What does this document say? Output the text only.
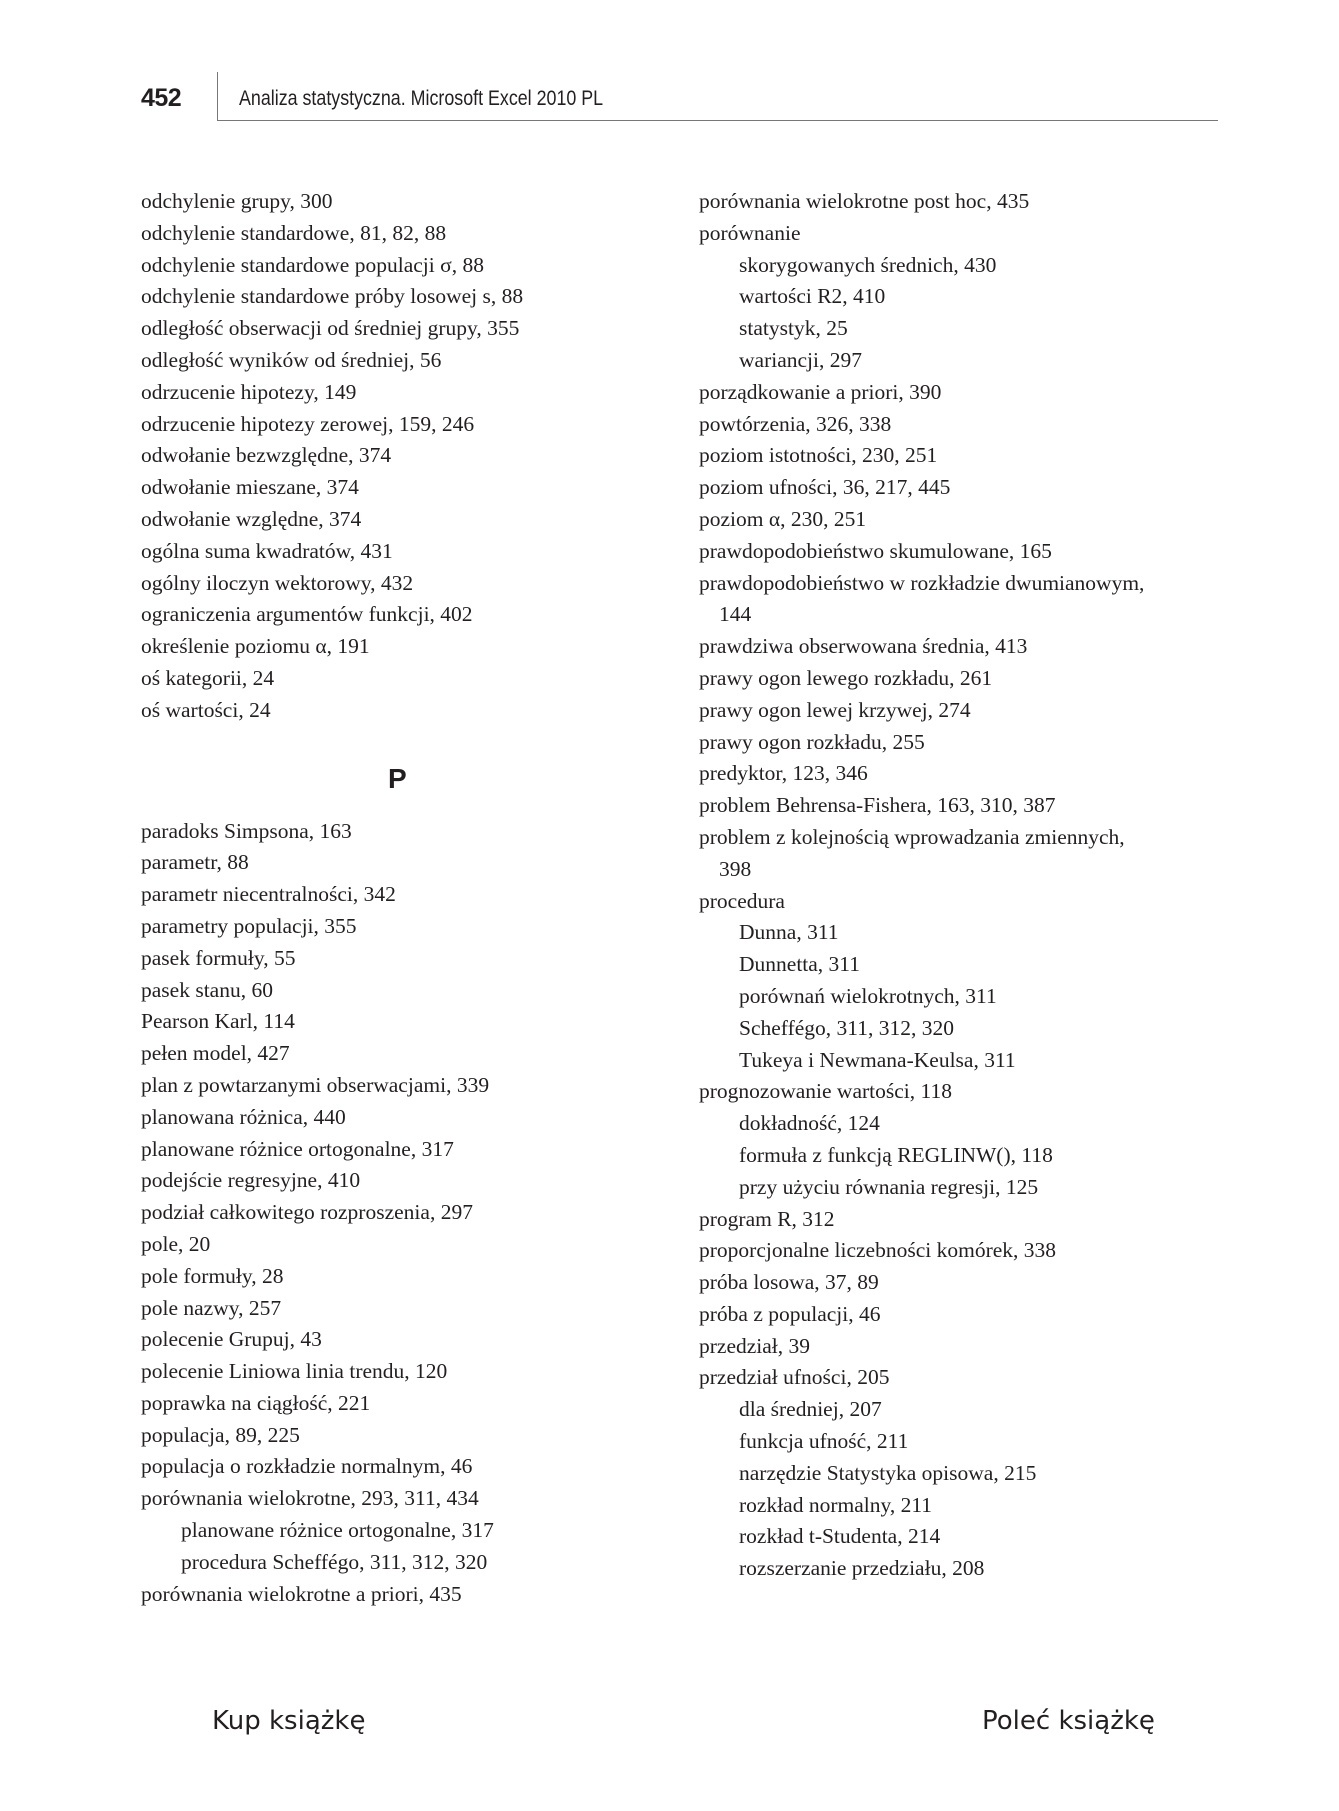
452	Analiza statystyczna. Microsoft Excel 2010 PL
odchylenie grupy, 300
odchylenie standardowe, 81, 82, 88
odchylenie standardowe populacji σ, 88
odchylenie standardowe próby losowej s, 88
odległość obserwacji od średniej grupy, 355
odległość wyników od średniej, 56
odrzucenie hipotezy, 149
odrzucenie hipotezy zerowej, 159, 246
odwołanie bezwzględne, 374
odwołanie mieszane, 374
odwołanie względne, 374
ogólna suma kwadratów, 431
ogólny iloczyn wektorowy, 432
ograniczenia argumentów funkcji, 402
określenie poziomu α, 191
oś kategorii, 24
oś wartości, 24
paradoks Simpsona, 163
parametr, 88
parametr niecentralności, 342
parametry populacji, 355
pasek formuły, 55
pasek stanu, 60
Pearson Karl, 114
pełen model, 427
plan z powtarzanymi obserwacjami, 339
planowana różnica, 440
planowane różnice ortogonalne, 317
podejście regresyjne, 410
podział całkowitego rozproszenia, 297
pole, 20
pole formuły, 28
pole nazwy, 257
polecenie Grupuj, 43
polecenie Liniowa linia trendu, 120
poprawka na ciągłość, 221
populacja, 89, 225
populacja o rozkładzie normalnym, 46
porównania wielokrotne, 293, 311, 434
planowane różnice ortogonalne, 317
procedura Scheffégo, 311, 312, 320
porównania wielokrotne a priori, 435
P
porównania wielokrotne post hoc, 435
porównanie
skorygowanych średnich, 430
wartości R2, 410
statystyk, 25
wariancji, 297
porządkowanie a priori, 390
powtórzenia, 326, 338
poziom istotności, 230, 251
poziom ufności, 36, 217, 445
poziom α, 230, 251
prawdopodobieństwo skumulowane, 165
prawdopodobieństwo w rozkładzie dwumianowym,
144
prawdziwa obserwowana średnia, 413
prawy ogon lewego rozkładu, 261
prawy ogon lewej krzywej, 274
prawy ogon rozkładu, 255
predyktor, 123, 346
problem Behrensa-Fishera, 163, 310, 387
problem z kolejnością wprowadzania zmiennych,
398
procedura
Dunna, 311
Dunnetta, 311
porównań wielokrotnych, 311
Scheffégo, 311, 312, 320
Tukeya i Newmana-Keulsa, 311
prognozowanie wartości, 118
dokładność, 124
formuła z funkcją REGLINW(), 118
przy użyciu równania regresji, 125
program R, 312
proporcjonalne liczebności komórek, 338
próba losowa, 37, 89
próba z populacji, 46
przedział, 39
przedział ufności, 205
dla średniej, 207
funkcja ufność, 211
narzędzie Statystyka opisowa, 215
rozkład normalny, 211
rozkład t-Studenta, 214
rozszerzanie przedziału, 208
Kup książkę	Poleć książkę
